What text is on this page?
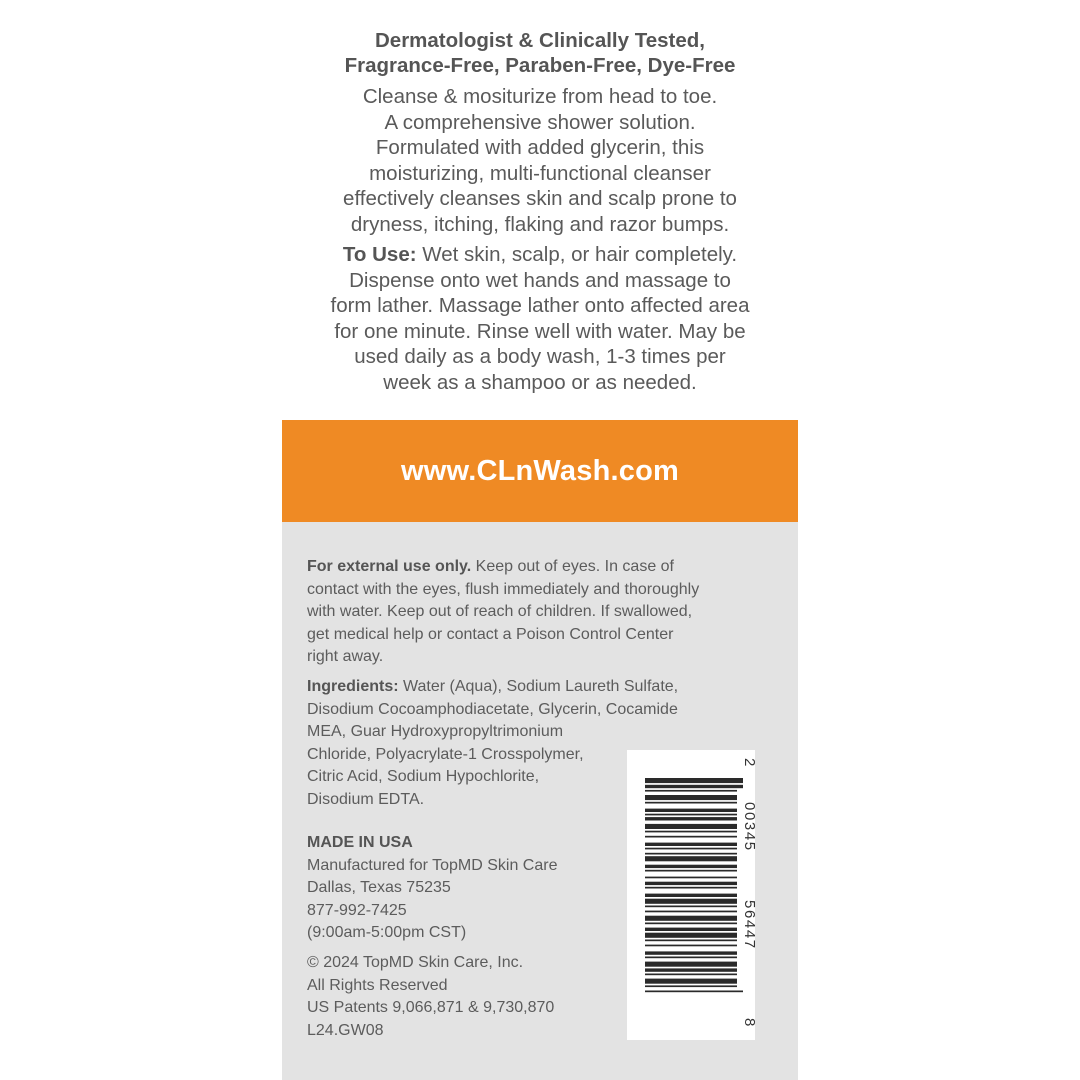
Dermatologist & Clinically Tested,
Fragrance-Free, Paraben-Free, Dye-Free
Cleanse & mositurize from head to toe.
A comprehensive shower solution.
Formulated with added glycerin, this
moisturizing, multi-functional cleanser
effectively cleanses skin and scalp prone to
dryness, itching, flaking and razor bumps.
To Use: Wet skin, scalp, or hair completely.
Dispense onto wet hands and massage to
form lather. Massage lather onto affected area
for one minute. Rinse well with water. May be
used daily as a body wash, 1-3 times per
week as a shampoo or as needed.
www.CLnWash.com
For external use only. Keep out of eyes. In case of
contact with the eyes, flush immediately and thoroughly
with water. Keep out of reach of children. If swallowed,
get medical help or contact a Poison Control Center
right away.
Ingredients: Water (Aqua), Sodium Laureth Sulfate,
Disodium Cocoamphodiacetate, Glycerin, Cocamide
MEA, Guar Hydroxypropyltrimonium
Chloride, Polyacrylate-1 Crosspolymer,
Citric Acid, Sodium Hypochlorite,
Disodium EDTA.
MADE IN USA
Manufactured for TopMD Skin Care
Dallas, Texas 75235
877-992-7425
(9:00am-5:00pm CST)
© 2024 TopMD Skin Care, Inc.
All Rights Reserved
US Patents 9,066,871 & 9,730,870
L24.GW08
2
00345
56447
8
